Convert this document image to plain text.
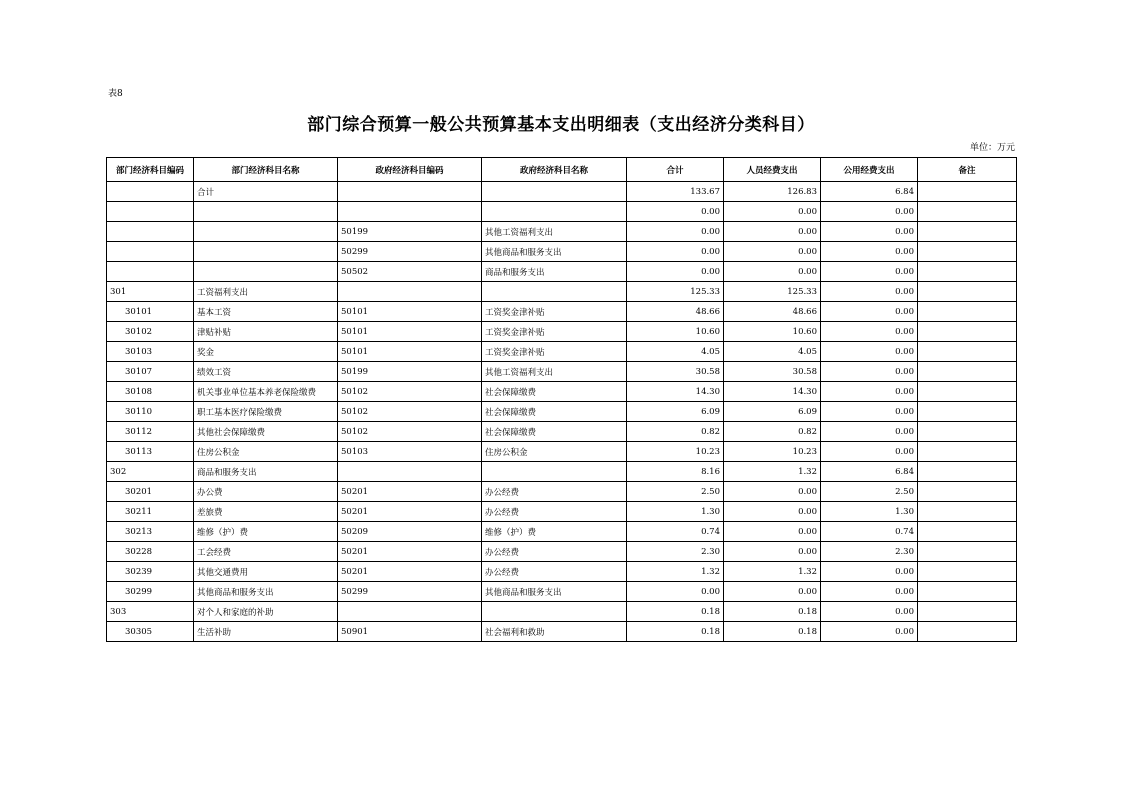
表8
部门综合预算一般公共预算基本支出明细表（支出经济分类科目）
单位：万元
部门经济科目编码	部门经济科目名称	政府经济科目编码	政府经济科目名称	合计	人员经费支出	公用经费支出	备注
	合计			133.67	126.83	6.84	
				0.00	0.00	0.00	
		50199	其他工资福利支出	0.00	0.00	0.00	
		50299	其他商品和服务支出	0.00	0.00	0.00	
		50502	商品和服务支出	0.00	0.00	0.00	
301	工资福利支出			125.33	125.33	0.00	
30101	基本工资	50101	工资奖金津补贴	48.66	48.66	0.00	
30102	津贴补贴	50101	工资奖金津补贴	10.60	10.60	0.00	
30103	奖金	50101	工资奖金津补贴	4.05	4.05	0.00	
30107	绩效工资	50199	其他工资福利支出	30.58	30.58	0.00	
30108	机关事业单位基本养老保险缴费	50102	社会保障缴费	14.30	14.30	0.00	
30110	职工基本医疗保险缴费	50102	社会保障缴费	6.09	6.09	0.00	
30112	其他社会保障缴费	50102	社会保障缴费	0.82	0.82	0.00	
30113	住房公积金	50103	住房公积金	10.23	10.23	0.00	
302	商品和服务支出			8.16	1.32	6.84	
30201	办公费	50201	办公经费	2.50	0.00	2.50	
30211	差旅费	50201	办公经费	1.30	0.00	1.30	
30213	维修（护）费	50209	维修（护）费	0.74	0.00	0.74	
30228	工会经费	50201	办公经费	2.30	0.00	2.30	
30239	其他交通费用	50201	办公经费	1.32	1.32	0.00	
30299	其他商品和服务支出	50299	其他商品和服务支出	0.00	0.00	0.00	
303	对个人和家庭的补助			0.18	0.18	0.00	
30305	生活补助	50901	社会福利和救助	0.18	0.18	0.00	
